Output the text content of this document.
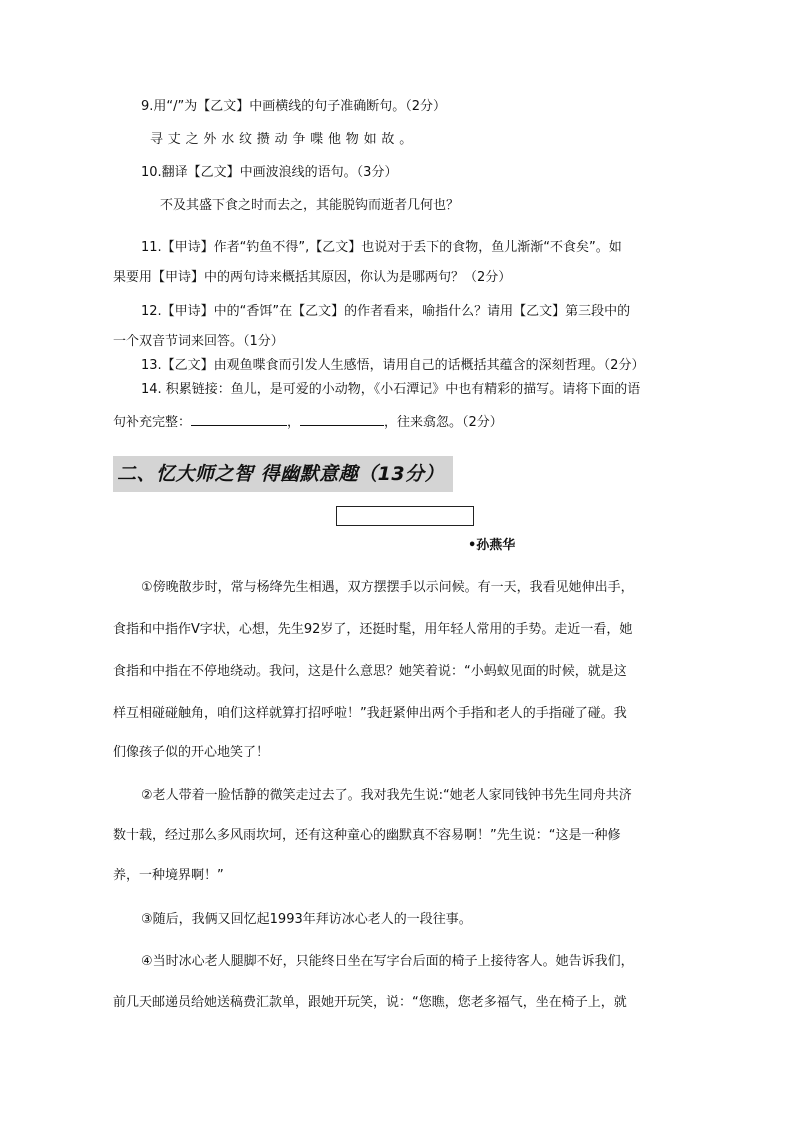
9.用“/”为【乙文】中画横线的句子准确断句。（2分）
寻丈之外水纹攒动争喋他物如故。
10.翻译【乙文】中画波浪线的语句。（3分）
不及其盛下食之时而去之，其能脱钩而逝者几何也？
11.【甲诗】作者“钓鱼不得”,【乙文】也说对于丢下的食物，鱼儿渐渐“不食矣”。如
果要用【甲诗】中的两句诗来概括其原因，你认为是哪两句？（2分）
12.【甲诗】中的“香饵”在【乙文】的作者看来，喻指什么？请用【乙文】第三段中的
一个双音节词来回答。（1分）
13.【乙文】由观鱼喋食而引发人生感悟，请用自己的话概括其蕴含的深刻哲理。（2分）
14. 积累链接：鱼儿，是可爱的小动物，《小石潭记》中也有精彩的描写。请将下面的语
句补充完整：	，	，往来翕忽。（2分）
二、忆大师之智 得幽默意趣（13分）
•孙燕华
①傍晚散步时，常与杨绛先生相遇，双方摆摆手以示问候。有一天，我看见她伸出手，
食指和中指作Ⅴ字状，心想，先生92岁了，还挺时髦，用年轻人常用的手势。走近一看，她
食指和中指在不停地绕动。我问，这是什么意思？她笑着说：“小蚂蚁见面的时候，就是这
样互相碰碰触角，咱们这样就算打招呼啦！”我赶紧伸出两个手指和老人的手指碰了碰。我
们像孩子似的开心地笑了！
②老人带着一脸恬静的微笑走过去了。我对我先生说:“她老人家同钱钟书先生同舟共济
数十载，经过那么多风雨坎坷，还有这种童心的幽默真不容易啊！”先生说：“这是一种修
养，一种境界啊！”
③随后，我俩又回忆起1993年拜访冰心老人的一段往事。
④当时冰心老人腿脚不好，只能终日坐在写字台后面的椅子上接待客人。她告诉我们，
前几天邮递员给她送稿费汇款单，跟她开玩笑，说：“您瞧，您老多福气，坐在椅子上，就
